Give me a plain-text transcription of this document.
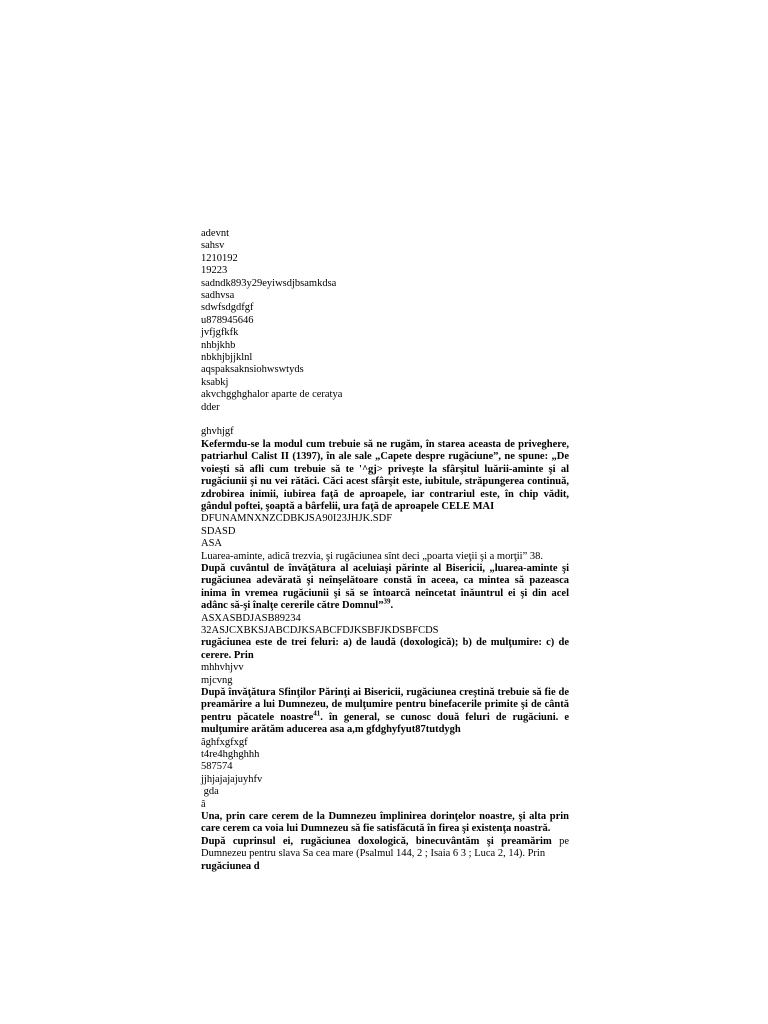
adevnt
sahsv
1210192
19223
sadndk893y29eyiwsdjbsamkdsa
sadhvsa
sdwfsdgdfgf
u878945646
jvfjgfkfk
nhbjkhb
nbkhjbjjklnl
aqspaksaknsiohwswtyds
ksabkj
akvchgghghalor aparte de ceratya
dder
ghvhjgf
Kefermdu-se la modul cum trebuie să ne rugăm, în starea aceasta de priveghere, patriarhul Calist II (1397), în ale sale „Capete despre rugăciune”, ne spune: „De voieşti să afli cum trebuie să te '^gj> priveşte la sfârşitul luării-aminte şi al rugăciunii şi nu vei rătăci. Căci acest sfârşit este, iubitule, străpungerea continuă, zdrobirea inimii, iubirea faţă de aproapele, iar contrariul este, în chip vădit, gândul poftei, şoaptă a bârfelii, ura faţă de aproapele CELE MAI
DFUNAMNXNZCDBKJSA90I23JHJK.SDF
SDASD
ASA
Luarea-aminte, adică trezvia, şi rugăciunea sînt deci „poarta vieţii şi a morţii” 38.
După cuvântul de învăţătura al aceluiaşi părinte al Bisericii, „luarea-aminte şi rugăciunea adevărată şi neînşelătoare constă în aceea, ca mintea să pazeasca inima în vremea rugăciunii şi să se întoarcă neîncetat înăuntrul ei şi din acel adânc să-şi înalţe cererile către Domnul”$^{39}$.
ASXASBDJASB89234
32ASJCXBKSJABCDJKSABCFDJKSBFJKDSBFCDS
rugăciunea este de trei feluri: a) de laudă (doxologică); b) de mulţumire: c) de cerere. Prin
mhhvhjvv
mjcvng
După învăţătura Sfinţilor Părinţi ai Bisericii, rugăciunea creştină trebuie să fie de preamărire a lui Dumnezeu, de mulţumire pentru binefacerile primite şi de cântă pentru păcatele noastre$^{41}$. în general, se cunosc două feluri de rugăciuni. e mulţumire arătăm aducerea asa a,m gfdghyfyut87tutdygh
âghfxgfxgf
t4re4hghghhh
587574
jjhjajajajuyhfv
gda
â
Una, prin care cerem de la Dumnezeu împlinirea dorinţelor noastre, şi alta prin care cerem ca voia lui Dumnezeu să fie satisfăcută în firea şi existenţa noastră.
După cuprinsul ei, rugăciunea doxologică, binecuvântăm şi preamărim pe Dumnezeu pentru slava Sa cea mare (Psalmul 144, 2 ; Isaia 6 3 ; Luca 2, 14). Prin
rugăciunea d
